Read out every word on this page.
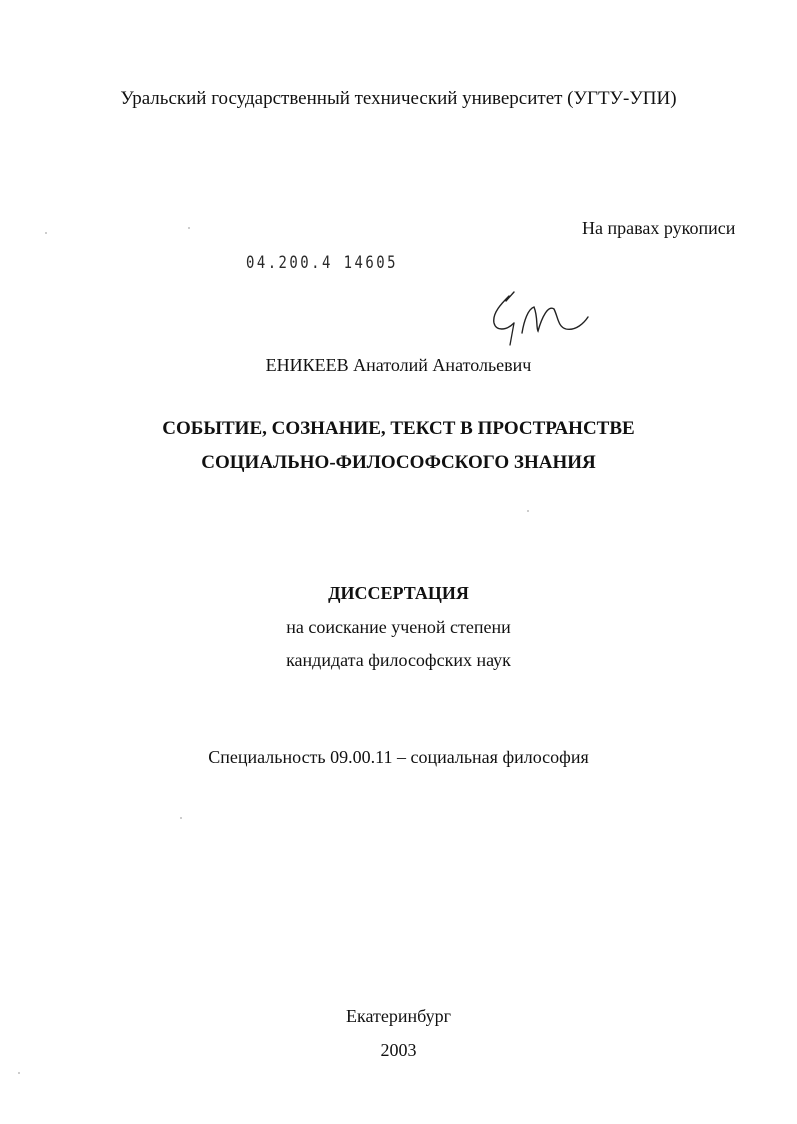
Уральский государственный технический университет (УГТУ-УПИ)
На правах рукописи
04.200.4 14605
ЕНИКЕЕВ Анатолий Анатольевич
СОБЫТИЕ, СОЗНАНИЕ, ТЕКСТ В ПРОСТРАНСТВЕ
СОЦИАЛЬНО-ФИЛОСОФСКОГО ЗНАНИЯ
ДИССЕРТАЦИЯ
на соискание ученой степени
кандидата философских наук
Специальность 09.00.11 – социальная философия
Екатеринбург
2003
